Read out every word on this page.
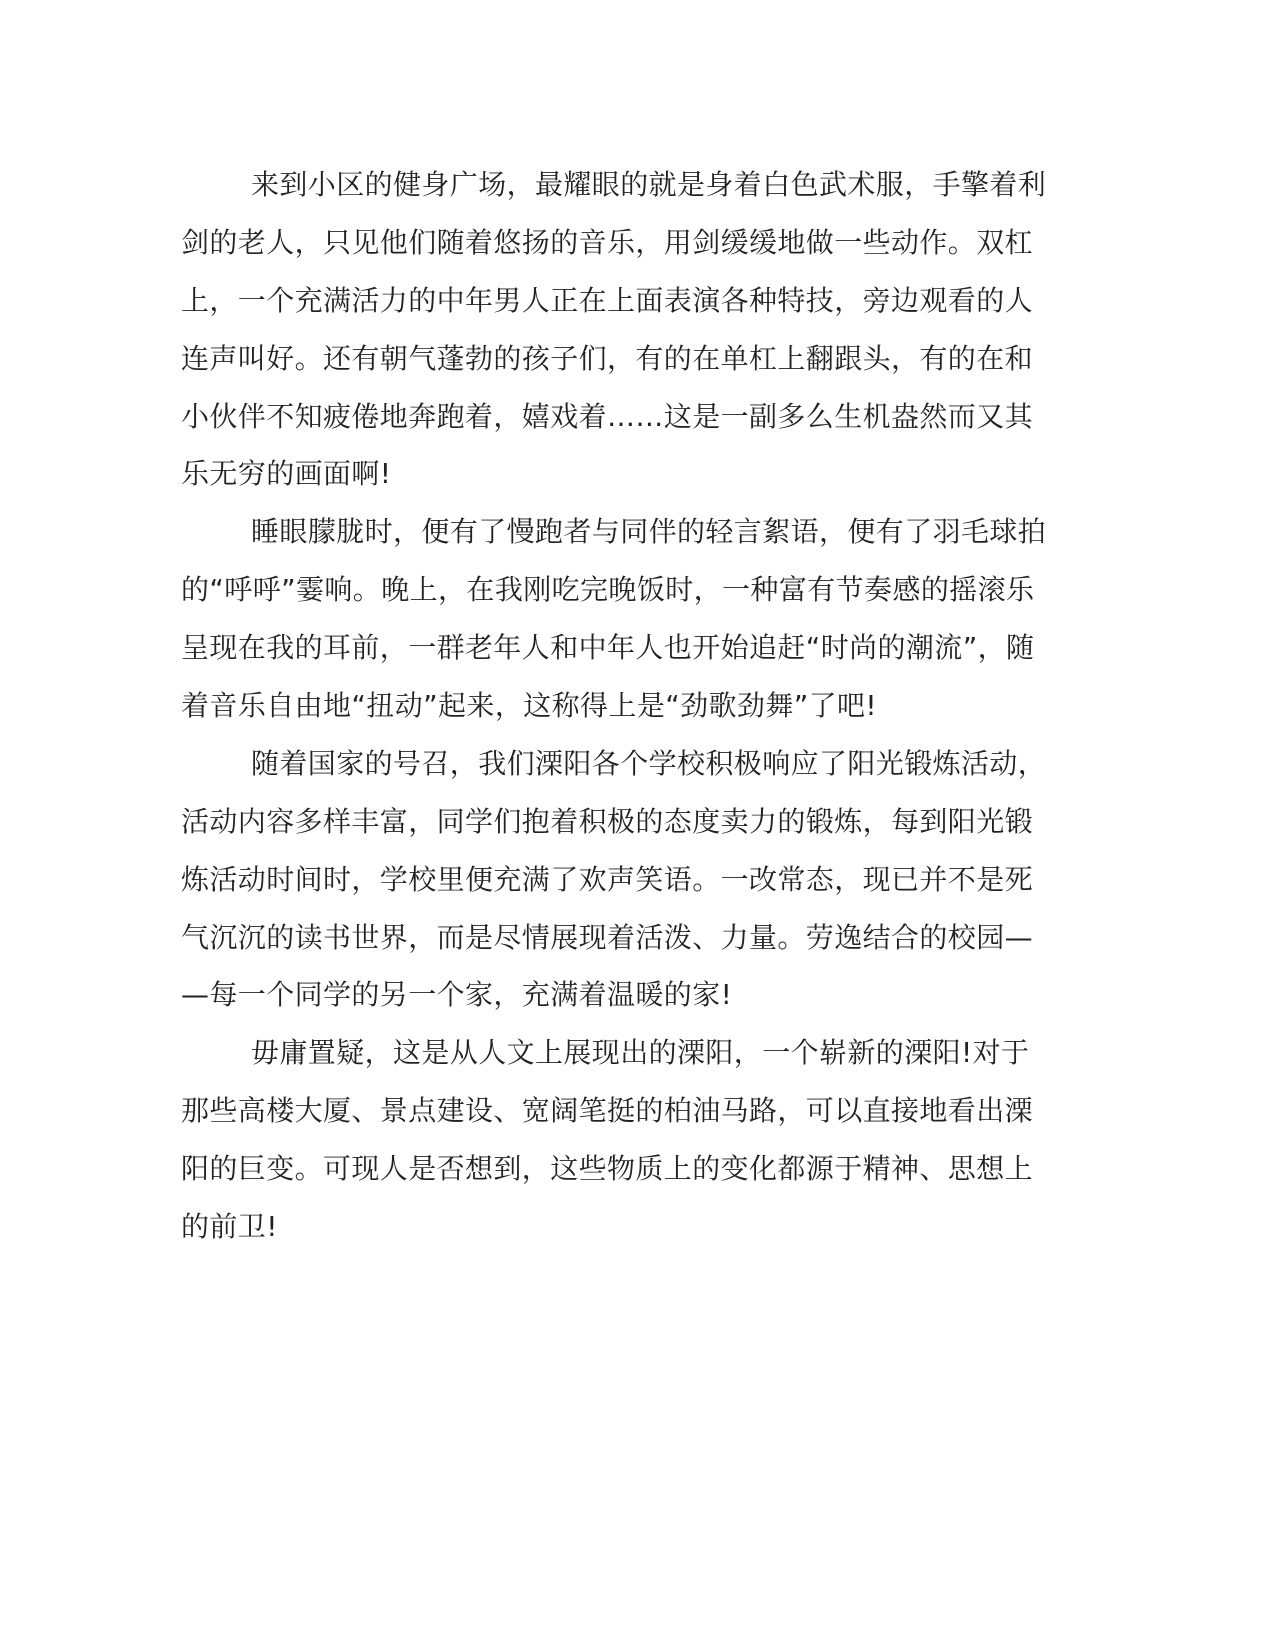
来到小区的健身广场，最耀眼的就是身着白色武术服，手擎着利
剑的老人，只见他们随着悠扬的音乐，用剑缓缓地做一些动作。双杠
上，一个充满活力的中年男人正在上面表演各种特技，旁边观看的人
连声叫好。还有朝气蓬勃的孩子们，有的在单杠上翻跟头，有的在和
小伙伴不知疲倦地奔跑着，嬉戏着……这是一副多么生机盎然而又其
乐无穷的画面啊!

睡眼朦胧时，便有了慢跑者与同伴的轻言絮语，便有了羽毛球拍
的“呼呼”霎响。晚上，在我刚吃完晚饭时，一种富有节奏感的摇滚乐
呈现在我的耳前，一群老年人和中年人也开始追赶“时尚的潮流”，随
着音乐自由地“扭动”起来，这称得上是“劲歌劲舞”了吧!

随着国家的号召，我们溧阳各个学校积极响应了阳光锻炼活动，
活动内容多样丰富，同学们抱着积极的态度卖力的锻炼，每到阳光锻
炼活动时间时，学校里便充满了欢声笑语。一改常态，现已并不是死
气沉沉的读书世界，而是尽情展现着活泼、力量。劳逸结合的校园—
—每一个同学的另一个家，充满着温暖的家!

毋庸置疑，这是从人文上展现出的溧阳，一个崭新的溧阳!对于
那些高楼大厦、景点建设、宽阔笔挺的柏油马路，可以直接地看出溧
阳的巨变。可现人是否想到，这些物质上的变化都源于精神、思想上
的前卫!
